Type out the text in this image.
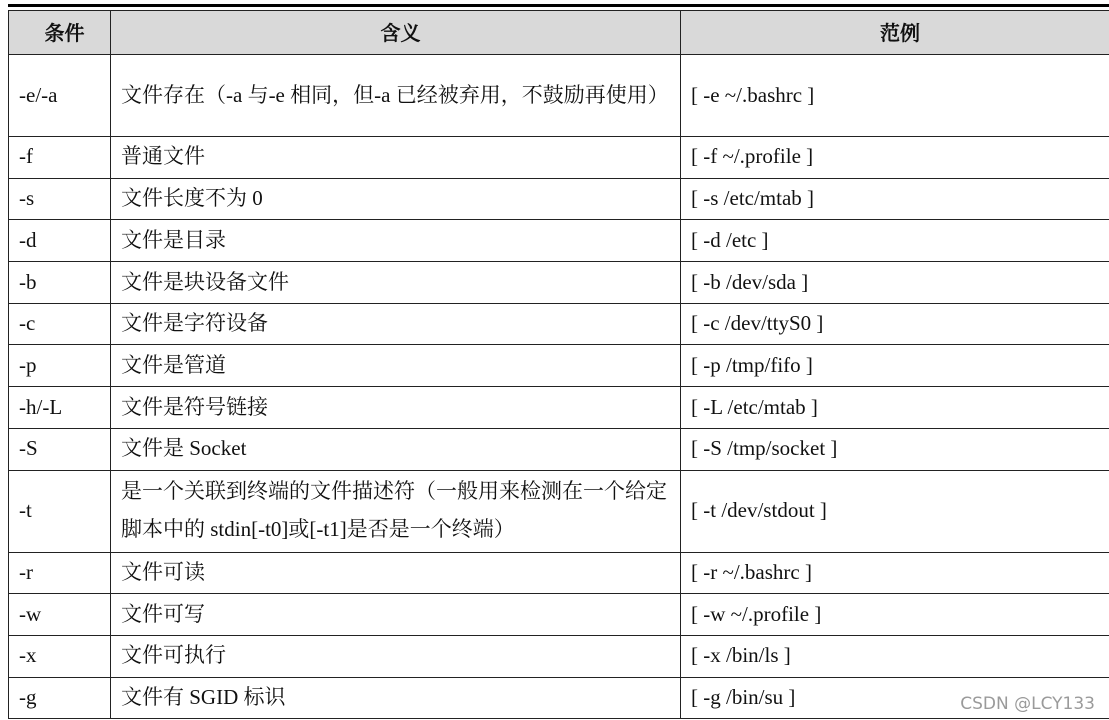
条件	含义	范例
-e/-a	文件存在（-a 与-e 相同，但-a 已经被弃用，不鼓励再使用）	[ -e ~/.bashrc ]
-f	普通文件	[ -f ~/.profile ]
-s	文件长度不为 0	[ -s /etc/mtab ]
-d	文件是目录	[ -d /etc ]
-b	文件是块设备文件	[ -b /dev/sda ]
-c	文件是字符设备	[ -c /dev/ttyS0 ]
-p	文件是管道	[ -p /tmp/fifo ]
-h/-L	文件是符号链接	[ -L /etc/mtab ]
-S	文件是 Socket	[ -S /tmp/socket ]
-t	是一个关联到终端的文件描述符（一般用来检测在一个给定脚本中的 stdin[-t0]或[-t1]是否是一个终端）	[ -t /dev/stdout ]
-r	文件可读	[ -r ~/.bashrc ]
-w	文件可写	[ -w ~/.profile ]
-x	文件可执行	[ -x /bin/ls ]
-g	文件有 SGID 标识	[ -g /bin/su ]	CSDN @LCY133
